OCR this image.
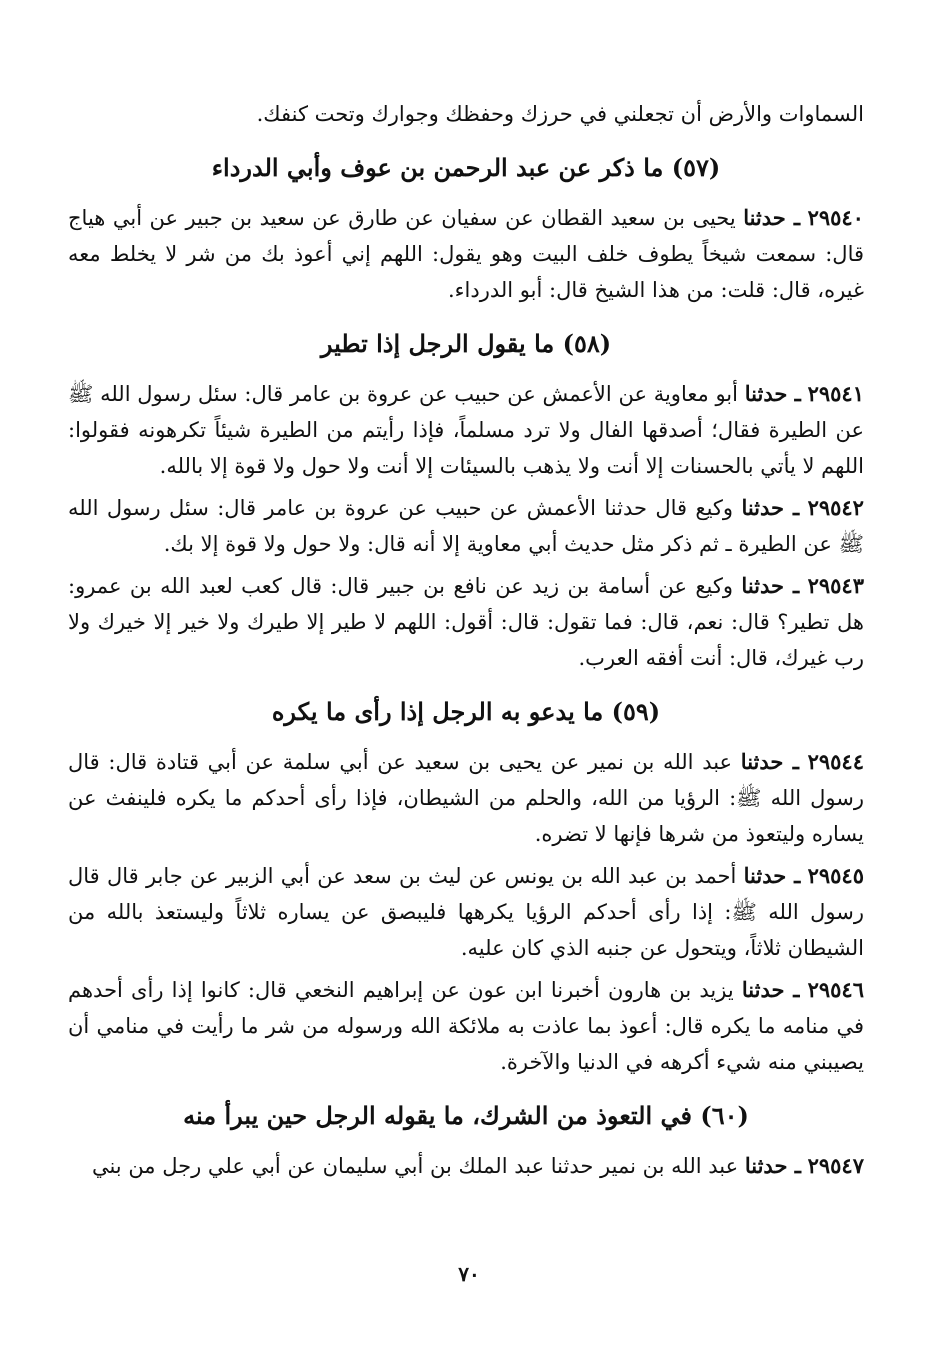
السماوات والأرض أن تجعلني في حرزك وحفظك وجوارك وتحت كنفك.

(٥٧) ما ذكر عن عبد الرحمن بن عوف وأبي الدرداء

٢٩٥٤٠ ـ حدثنا يحيى بن سعيد القطان عن سفيان عن طارق عن سعيد بن جبير عن أبي هياج قال: سمعت شيخاً يطوف خلف البيت وهو يقول: اللهم إني أعوذ بك من شر لا يخلط معه غيره، قال: قلت: من هذا الشيخ قال: أبو الدرداء.

(٥٨) ما يقول الرجل إذا تطير

٢٩٥٤١ ـ حدثنا أبو معاوية عن الأعمش عن حبيب عن عروة بن عامر قال: سئل رسول الله ﷺ عن الطيرة فقال؛ أصدقها الفال ولا ترد مسلماً، فإذا رأيتم من الطيرة شيئاً تكرهونه فقولوا: اللهم لا يأتي بالحسنات إلا أنت ولا يذهب بالسيئات إلا أنت ولا حول ولا قوة إلا بالله.

٢٩٥٤٢ ـ حدثنا وكيع قال حدثنا الأعمش عن حبيب عن عروة بن عامر قال: سئل رسول الله ﷺ عن الطيرة ـ ثم ذكر مثل حديث أبي معاوية إلا أنه قال: ولا حول ولا قوة إلا بك.

٢٩٥٤٣ ـ حدثنا وكيع عن أسامة بن زيد عن نافع بن جبير قال: قال كعب لعبد الله بن عمرو: هل تطير؟ قال: نعم، قال: فما تقول: قال: أقول: اللهم لا طير إلا طيرك ولا خير إلا خيرك ولا رب غيرك، قال: أنت أفقه العرب.

(٥٩) ما يدعو به الرجل إذا رأى ما يكره

٢٩٥٤٤ ـ حدثنا عبد الله بن نمير عن يحيى بن سعيد عن أبي سلمة عن أبي قتادة قال: قال رسول الله ﷺ: الرؤيا من الله، والحلم من الشيطان، فإذا رأى أحدكم ما يكره فلينفث عن يساره وليتعوذ من شرها فإنها لا تضره.

٢٩٥٤٥ ـ حدثنا أحمد بن عبد الله بن يونس عن ليث بن سعد عن أبي الزبير عن جابر قال قال رسول الله ﷺ: إذا رأى أحدكم الرؤيا يكرهها فليبصق عن يساره ثلاثاً وليستعذ بالله من الشيطان ثلاثاً، ويتحول عن جنبه الذي كان عليه.

٢٩٥٤٦ ـ حدثنا يزيد بن هارون أخبرنا ابن عون عن إبراهيم النخعي قال: كانوا إذا رأى أحدهم في منامه ما يكره قال: أعوذ بما عاذت به ملائكة الله ورسوله من شر ما رأيت في منامي أن يصيبني منه شيء أكرهه في الدنيا والآخرة.

(٦٠) في التعوذ من الشرك، ما يقوله الرجل حين يبرأ منه

٢٩٥٤٧ ـ حدثنا عبد الله بن نمير حدثنا عبد الملك بن أبي سليمان عن أبي علي رجل من بني

٧٠
